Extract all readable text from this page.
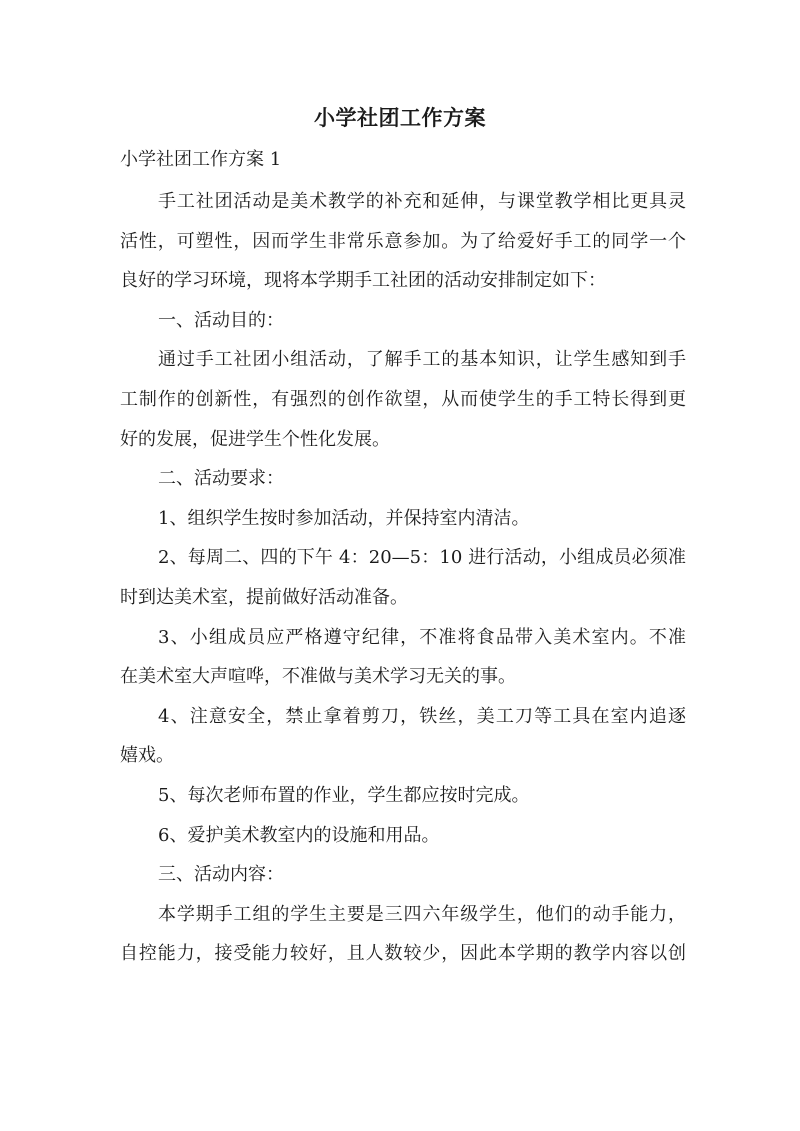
小学社团工作方案
小学社团工作方案 1
手工社团活动是美术教学的补充和延伸，与课堂教学相比更具灵
活性，可塑性，因而学生非常乐意参加。为了给爱好手工的同学一个
良好的学习环境，现将本学期手工社团的活动安排制定如下：
一、活动目的：
通过手工社团小组活动，了解手工的基本知识，让学生感知到手
工制作的创新性，有强烈的创作欲望，从而使学生的手工特长得到更
好的发展，促进学生个性化发展。
二、活动要求：
1、组织学生按时参加活动，并保持室内清洁。
2、每周二、四的下午 4：20—5：10 进行活动，小组成员必须准
时到达美术室，提前做好活动准备。
3、小组成员应严格遵守纪律，不准将食品带入美术室内。不准
在美术室大声喧哗，不准做与美术学习无关的事。
4、注意安全，禁止拿着剪刀，铁丝，美工刀等工具在室内追逐
嬉戏。
5、每次老师布置的作业，学生都应按时完成。
6、爱护美术教室内的设施和用品。
三、活动内容：
本学期手工组的学生主要是三四六年级学生，他们的动手能力，
自控能力，接受能力较好，且人数较少，因此本学期的教学内容以创
